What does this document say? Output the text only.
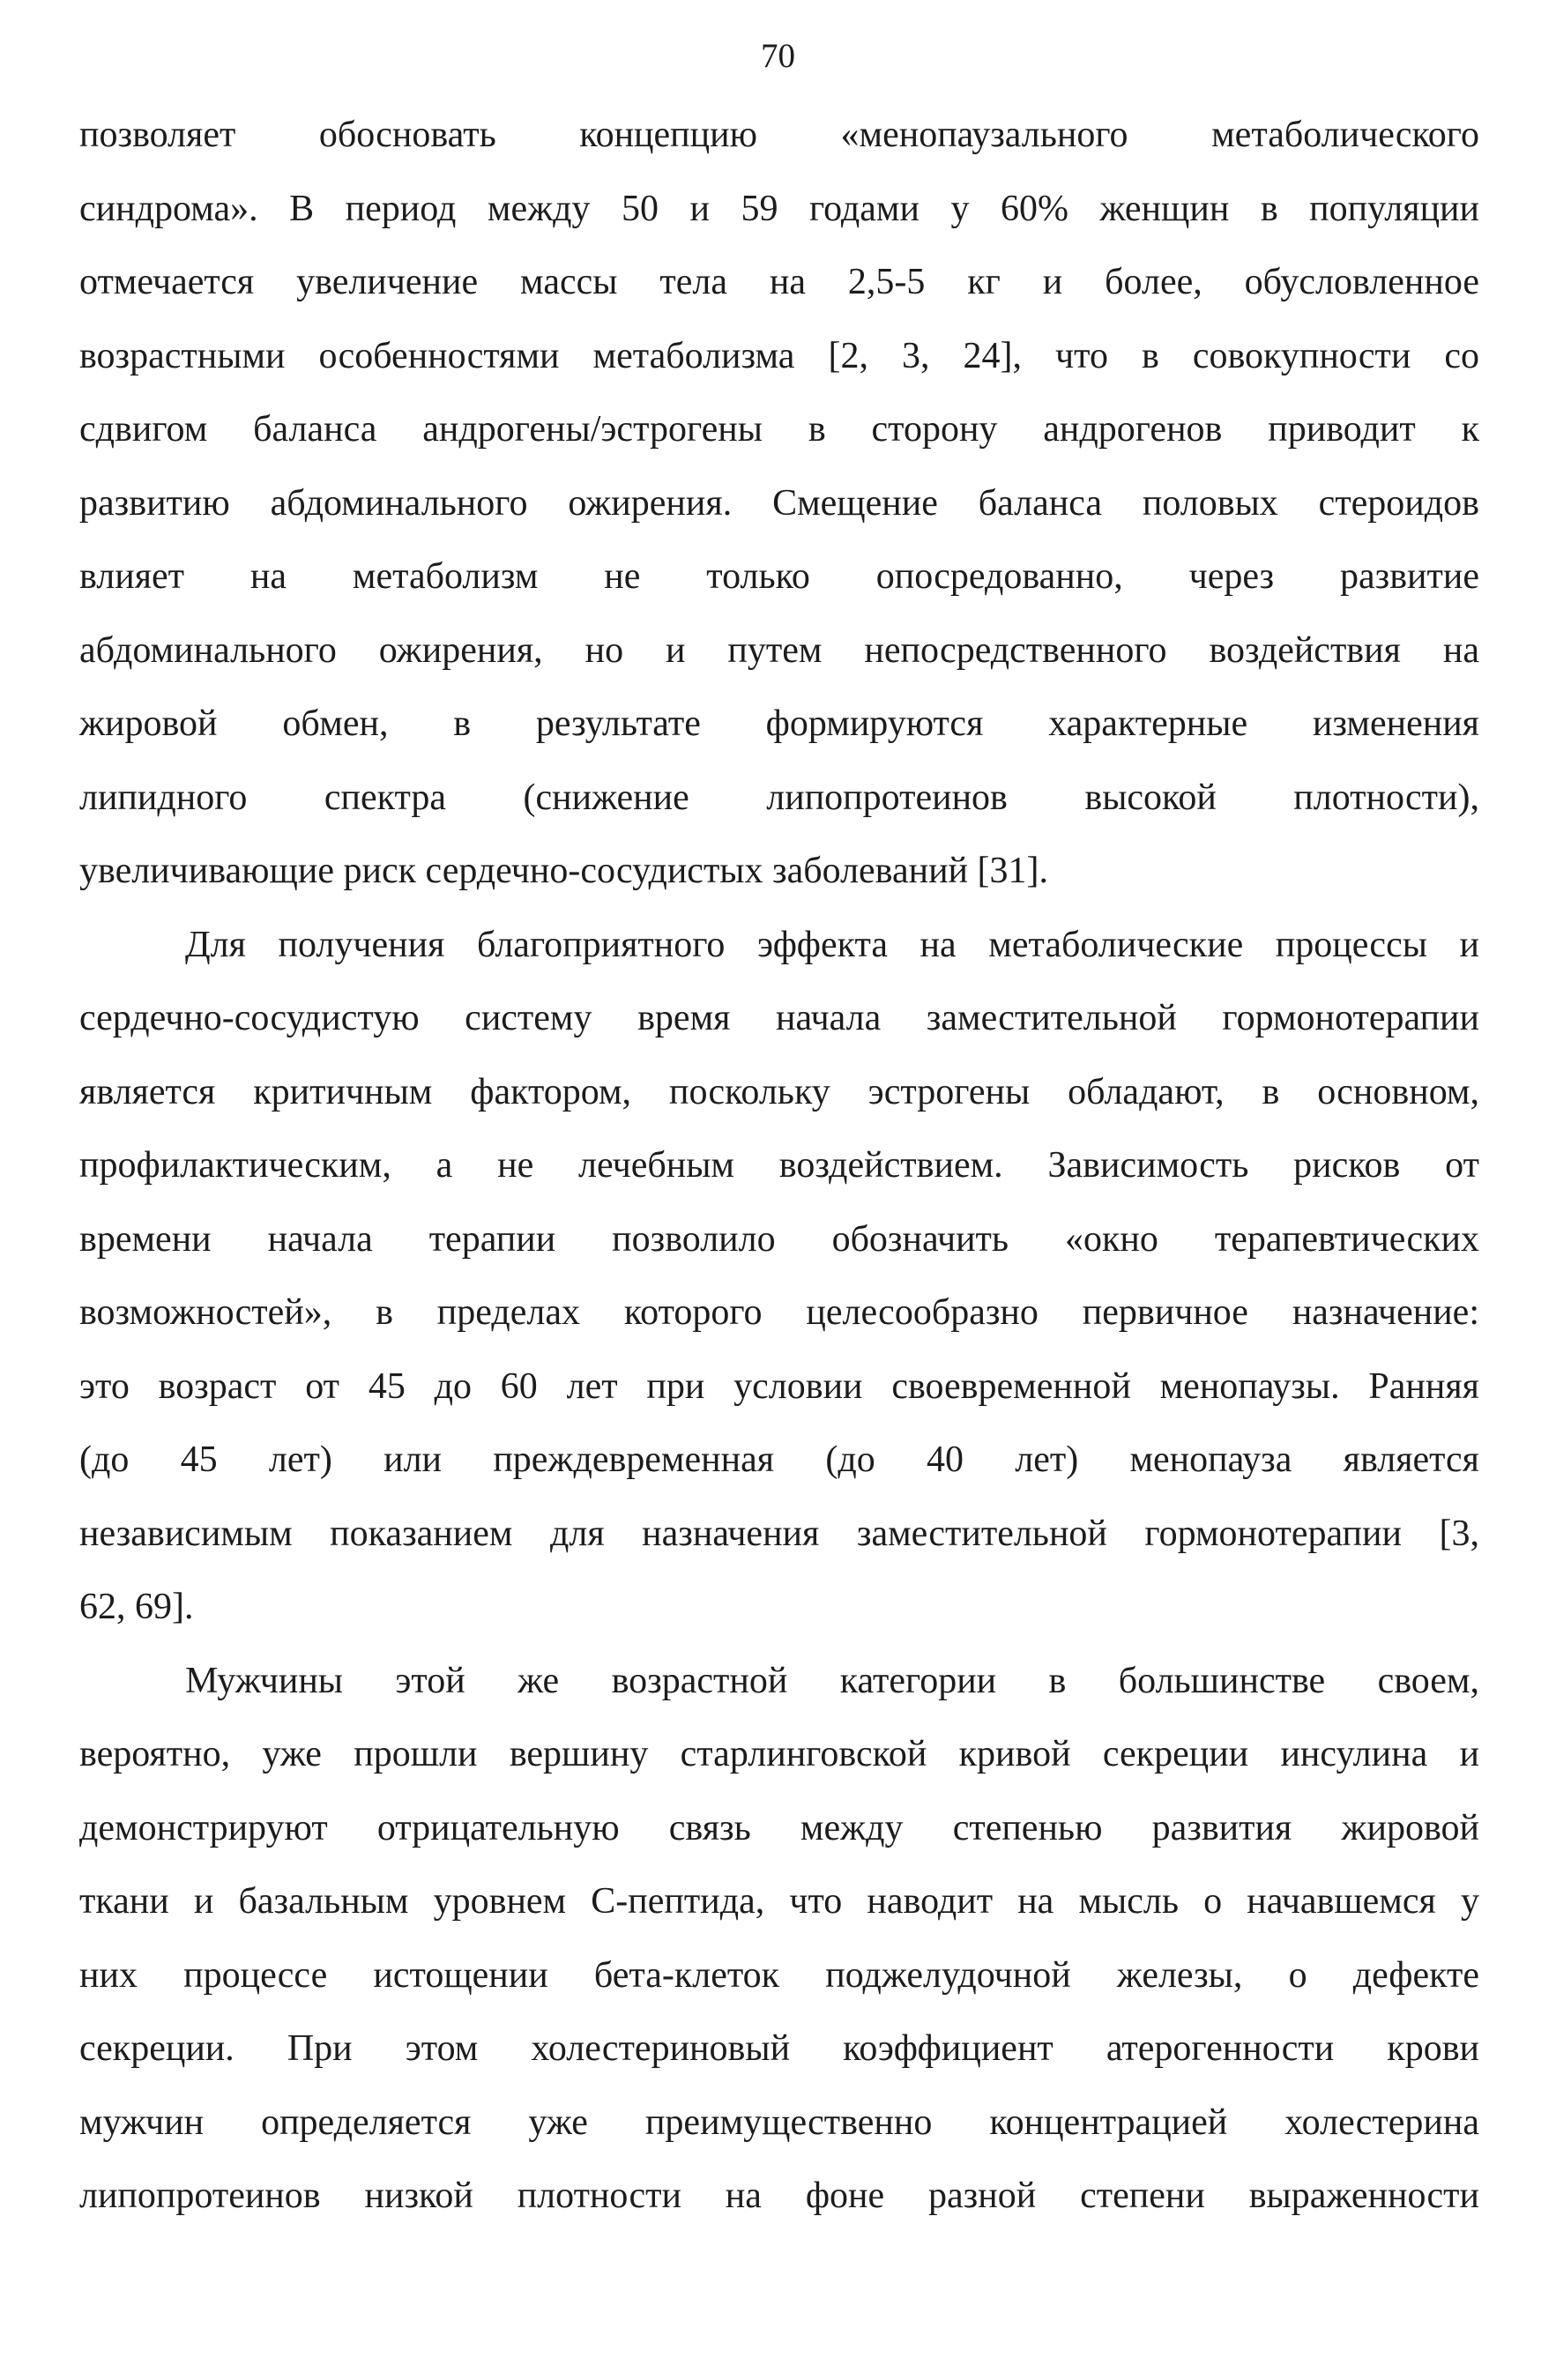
70
позволяет обосновать концепцию «менопаузального метаболического
синдрома». В период между 50 и 59 годами у 60% женщин в популяции
отмечается увеличение массы тела на 2,5-5 кг и более, обусловленное
возрастными особенностями метаболизма [2, 3, 24], что в совокупности со
сдвигом баланса андрогены/эстрогены в сторону андрогенов приводит к
развитию абдоминального ожирения. Смещение баланса половых стероидов
влияет на метаболизм не только опосредованно, через развитие
абдоминального ожирения, но и путем непосредственного воздействия на
жировой обмен, в результате формируются характерные изменения
липидного спектра (снижение липопротеинов высокой плотности),
увеличивающие риск сердечно-сосудистых заболеваний [31].
Для получения благоприятного эффекта на метаболические процессы и
сердечно-сосудистую систему время начала заместительной гормонотерапии
является критичным фактором, поскольку эстрогены обладают, в основном,
профилактическим, а не лечебным воздействием. Зависимость рисков от
времени начала терапии позволило обозначить «окно терапевтических
возможностей», в пределах которого целесообразно первичное назначение:
это возраст от 45 до 60 лет при условии своевременной менопаузы. Ранняя
(до 45 лет) или преждевременная (до 40 лет) менопауза является
независимым показанием для назначения заместительной гормонотерапии [3,
62, 69].
Мужчины этой же возрастной категории в большинстве своем,
вероятно, уже прошли вершину старлинговской кривой секреции инсулина и
демонстрируют отрицательную связь между степенью развития жировой
ткани и базальным уровнем С-пептида, что наводит на мысль о начавшемся у
них процессе истощении бета-клеток поджелудочной железы, о дефекте
секреции. При этом холестериновый коэффициент атерогенности крови
мужчин определяется уже преимущественно концентрацией холестерина
липопротеинов низкой плотности на фоне разной степени выраженности
